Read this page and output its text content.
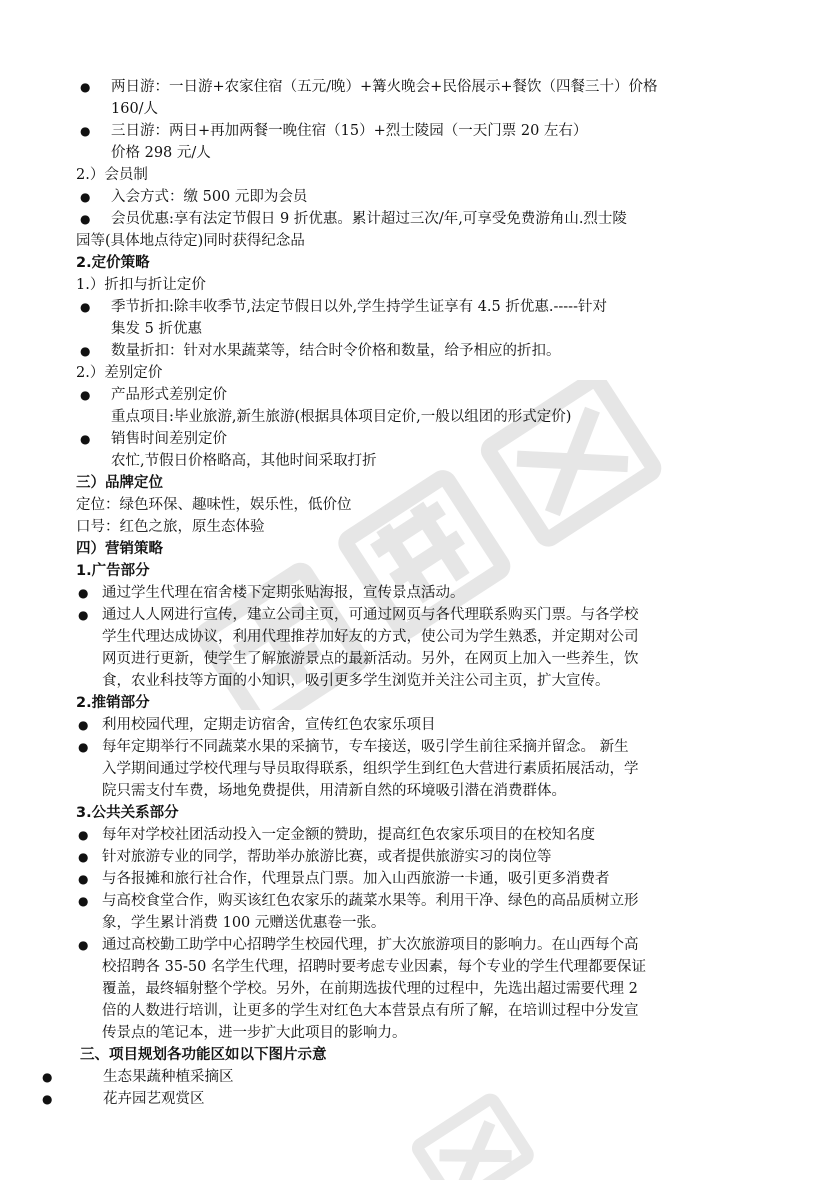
● 两日游：一日游+农家住宿（五元/晚）+篝火晚会+民俗展示+餐饮（四餐三十）价格
160/人
● 三日游：两日+再加两餐一晚住宿（15）+烈士陵园（一天门票 20 左右）
价格 298 元/人
2.）会员制
● 入会方式：缴 500 元即为会员
● 会员优惠:享有法定节假日 9 折优惠。累计超过三次/年,可享受免费游角山.烈士陵
园等(具体地点待定)同时获得纪念品
2.定价策略
1.）折扣与折让定价
● 季节折扣:除丰收季节,法定节假日以外,学生持学生证享有 4.5 折优惠.-----针对
集发 5 折优惠
● 数量折扣：针对水果蔬菜等，结合时令价格和数量，给予相应的折扣。
2.）差别定价
● 产品形式差别定价
重点项目:毕业旅游,新生旅游(根据具体项目定价,一般以组团的形式定价)
● 销售时间差别定价
农忙,节假日价格略高，其他时间采取打折
三）品牌定位
定位：绿色环保、趣味性，娱乐性，低价位
口号：红色之旅，原生态体验
四）营销策略
1.广告部分
● 通过学生代理在宿舍楼下定期张贴海报，宣传景点活动。
● 通过人人网进行宣传，建立公司主页，可通过网页与各代理联系购买门票。与各学校
学生代理达成协议，利用代理推荐加好友的方式，使公司为学生熟悉，并定期对公司
网页进行更新，使学生了解旅游景点的最新活动。另外，在网页上加入一些养生，饮
食，农业科技等方面的小知识，吸引更多学生浏览并关注公司主页，扩大宣传。
2.推销部分
● 利用校园代理，定期走访宿舍，宣传红色农家乐项目
● 每年定期举行不同蔬菜水果的采摘节，专车接送，吸引学生前往采摘并留念。 新生
入学期间通过学校代理与导员取得联系，组织学生到红色大营进行素质拓展活动，学
院只需支付车费，场地免费提供，用清新自然的环境吸引潜在消费群体。
3.公共关系部分
● 每年对学校社团活动投入一定金额的赞助，提高红色农家乐项目的在校知名度
● 针对旅游专业的同学，帮助举办旅游比赛，或者提供旅游实习的岗位等
● 与各报摊和旅行社合作，代理景点门票。加入山西旅游一卡通，吸引更多消费者
● 与高校食堂合作，购买该红色农家乐的蔬菜水果等。利用干净、绿色的高品质树立形
象，学生累计消费 100 元赠送优惠卷一张。
● 通过高校勤工助学中心招聘学生校园代理，扩大次旅游项目的影响力。在山西每个高
校招聘各 35-50 名学生代理，招聘时要考虑专业因素，每个专业的学生代理都要保证
覆盖，最终辐射整个学校。另外，在前期选拔代理的过程中，先选出超过需要代理 2
倍的人数进行培训，让更多的学生对红色大本营景点有所了解，在培训过程中分发宣
传景点的笔记本，进一步扩大此项目的影响力。
三、项目规划各功能区如以下图片示意
●	生态果蔬种植采摘区
●	花卉园艺观赏区
